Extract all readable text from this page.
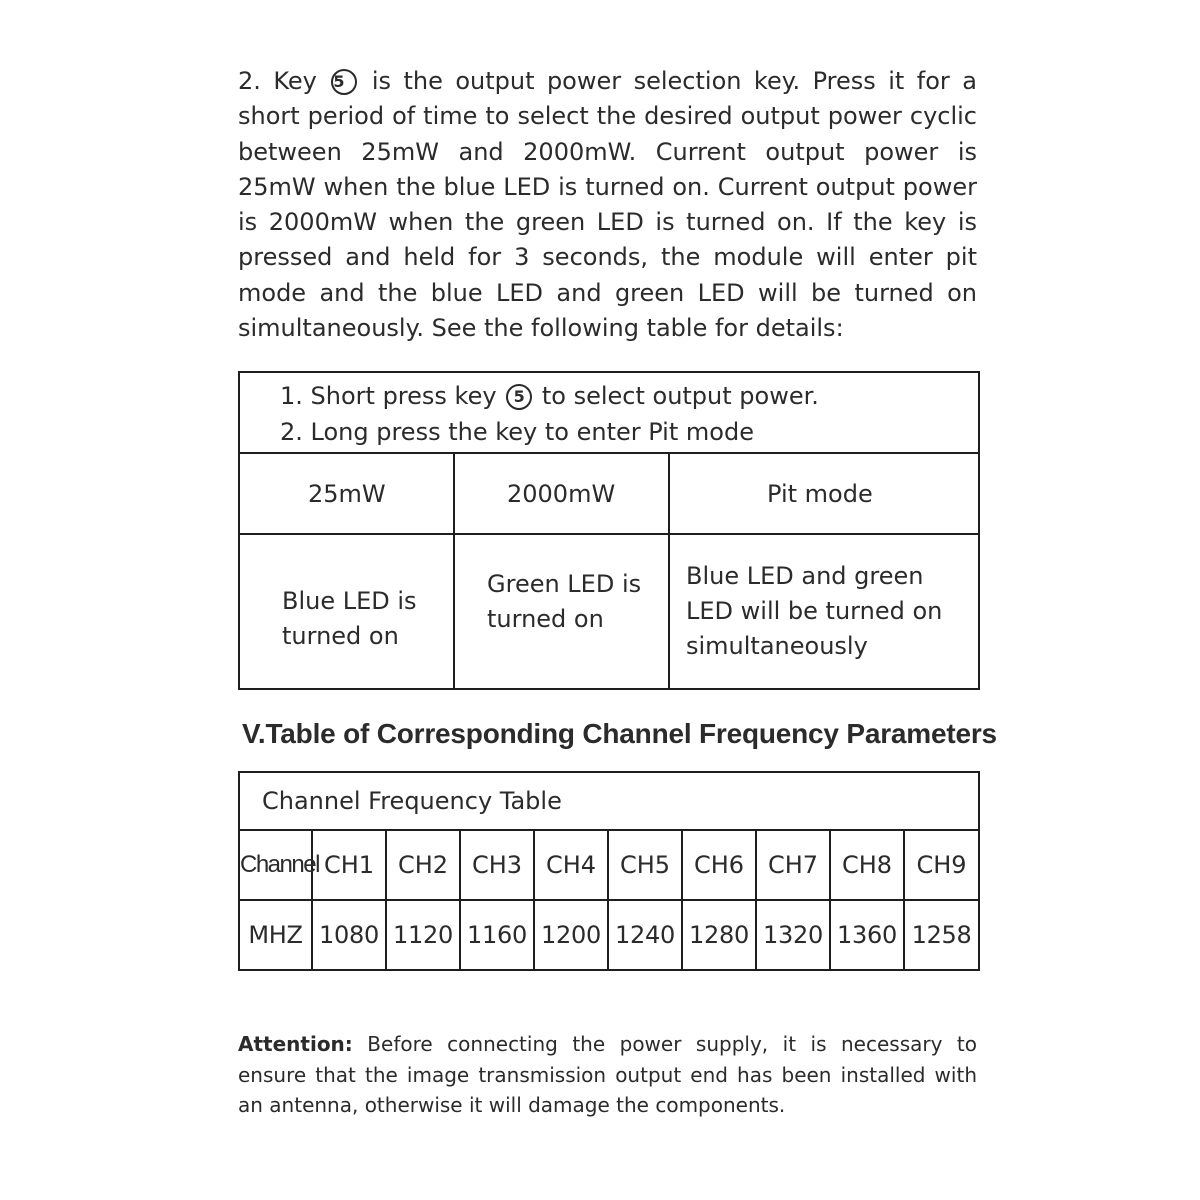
2. Key 5 is the output power selection key. Press it for a short period of time to select the desired output power cyclic between 25mW and 2000mW. Current output power is 25mW when the blue LED is turned on. Current output power is 2000mW when the green LED is turned on. If the key is pressed and held for 3 seconds, the module will enter pit mode and the blue LED and green LED will be turned on simultaneously. See the following table for details:

1. Short press key 5 to select output power.
2. Long press the key to enter Pit mode		

25mW	2000mW	Pit mode
Blue LED is turned on	Green LED is turned on	Blue LED and green LED will be turned on simultaneously
V.Table of Corresponding Channel Frequency Parameters
Channel Frequency Table									
Channel	CH1	CH2	CH3	CH4	CH5	CH6	CH7	CH8	CH9
MHZ	1080	1120	1160	1200	1240	1280	1320	1360	1258

Attention: Before connecting the power supply, it is necessary to ensure that the image transmission output end has been installed with an antenna, otherwise it will damage the components.
